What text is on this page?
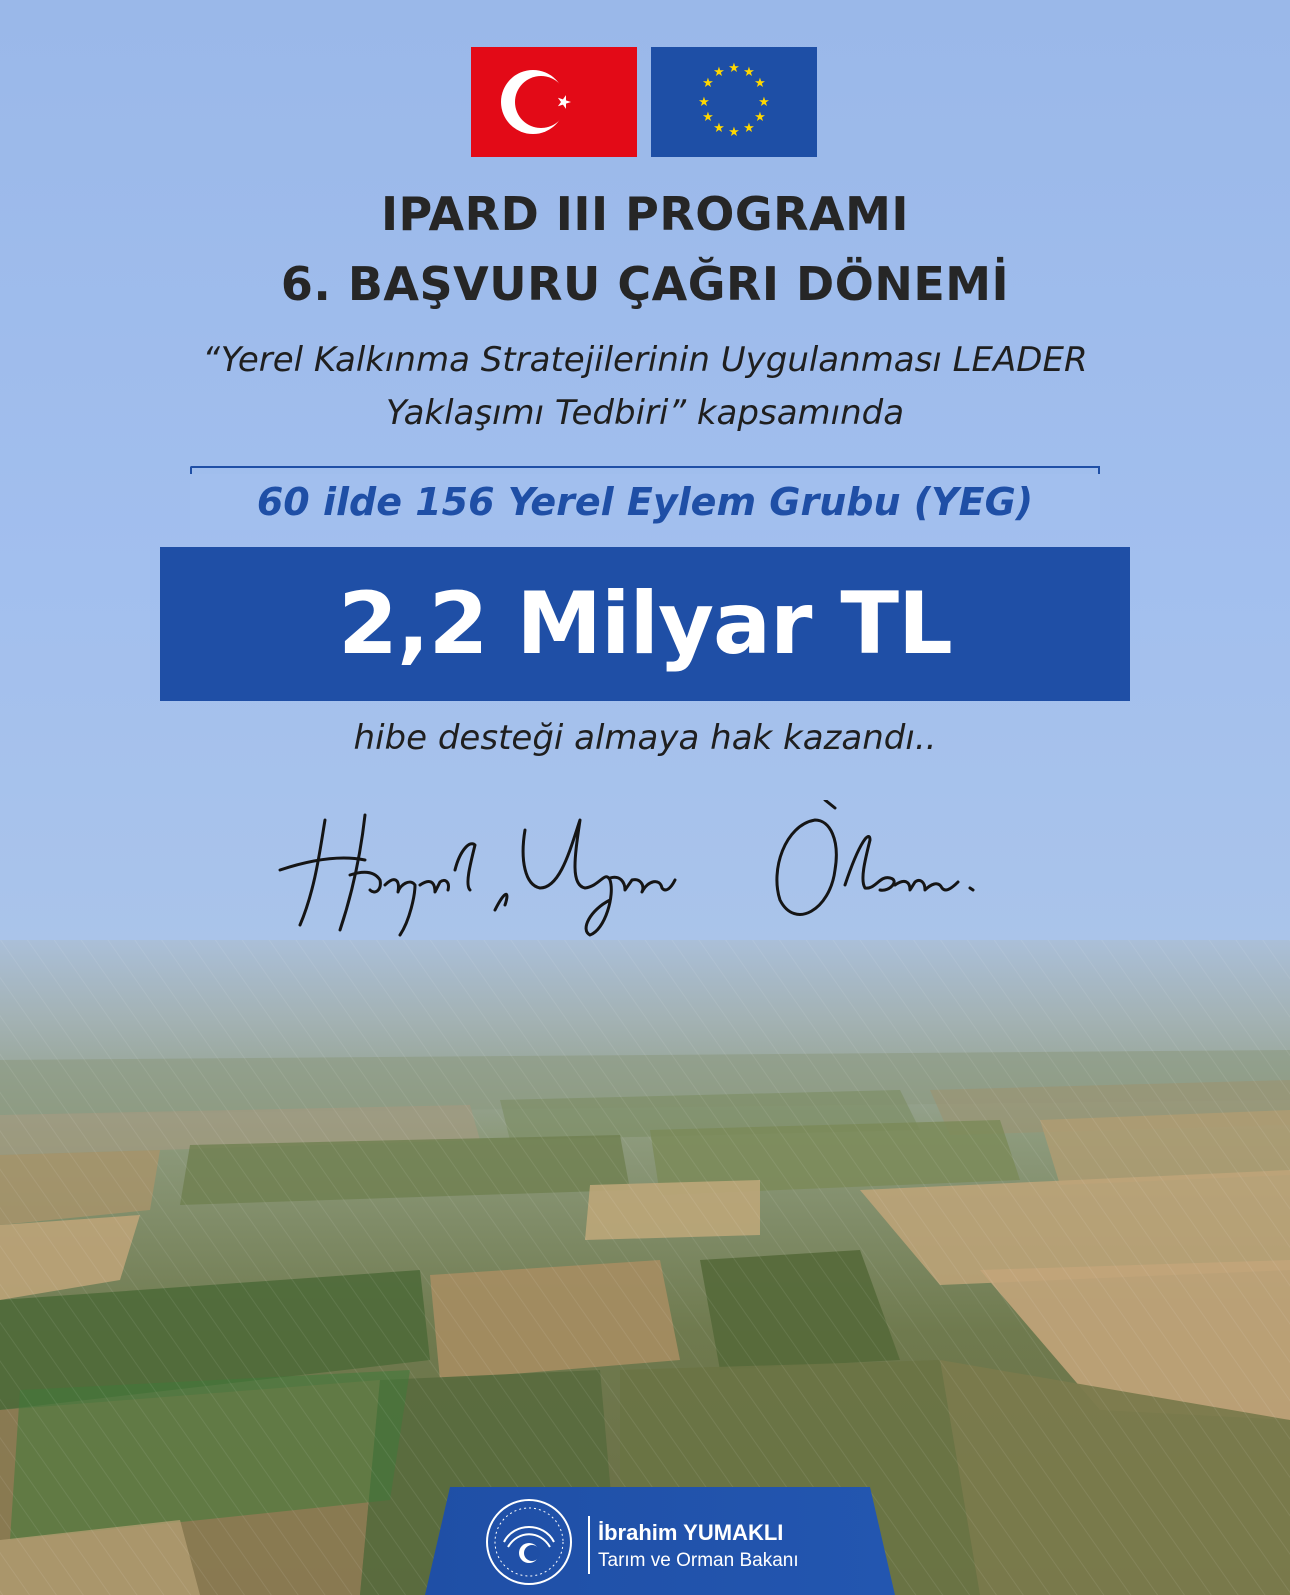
★ ★
★
★
★
★
★
★
★
★
★
★
IPARD III PROGRAMI
6. BAŞVURU ÇAĞRI DÖNEMİ
“Yerel Kalkınma Stratejilerinin Uygulanması LEADER
Yaklaşımı Tedbiri” kapsamında
60 ilde 156 Yerel Eylem Grubu (YEG)
2,2 Milyar TL
hibe desteği almaya hak kazandı..
İbrahim YUMAKLI
Tarım ve Orman Bakanı
